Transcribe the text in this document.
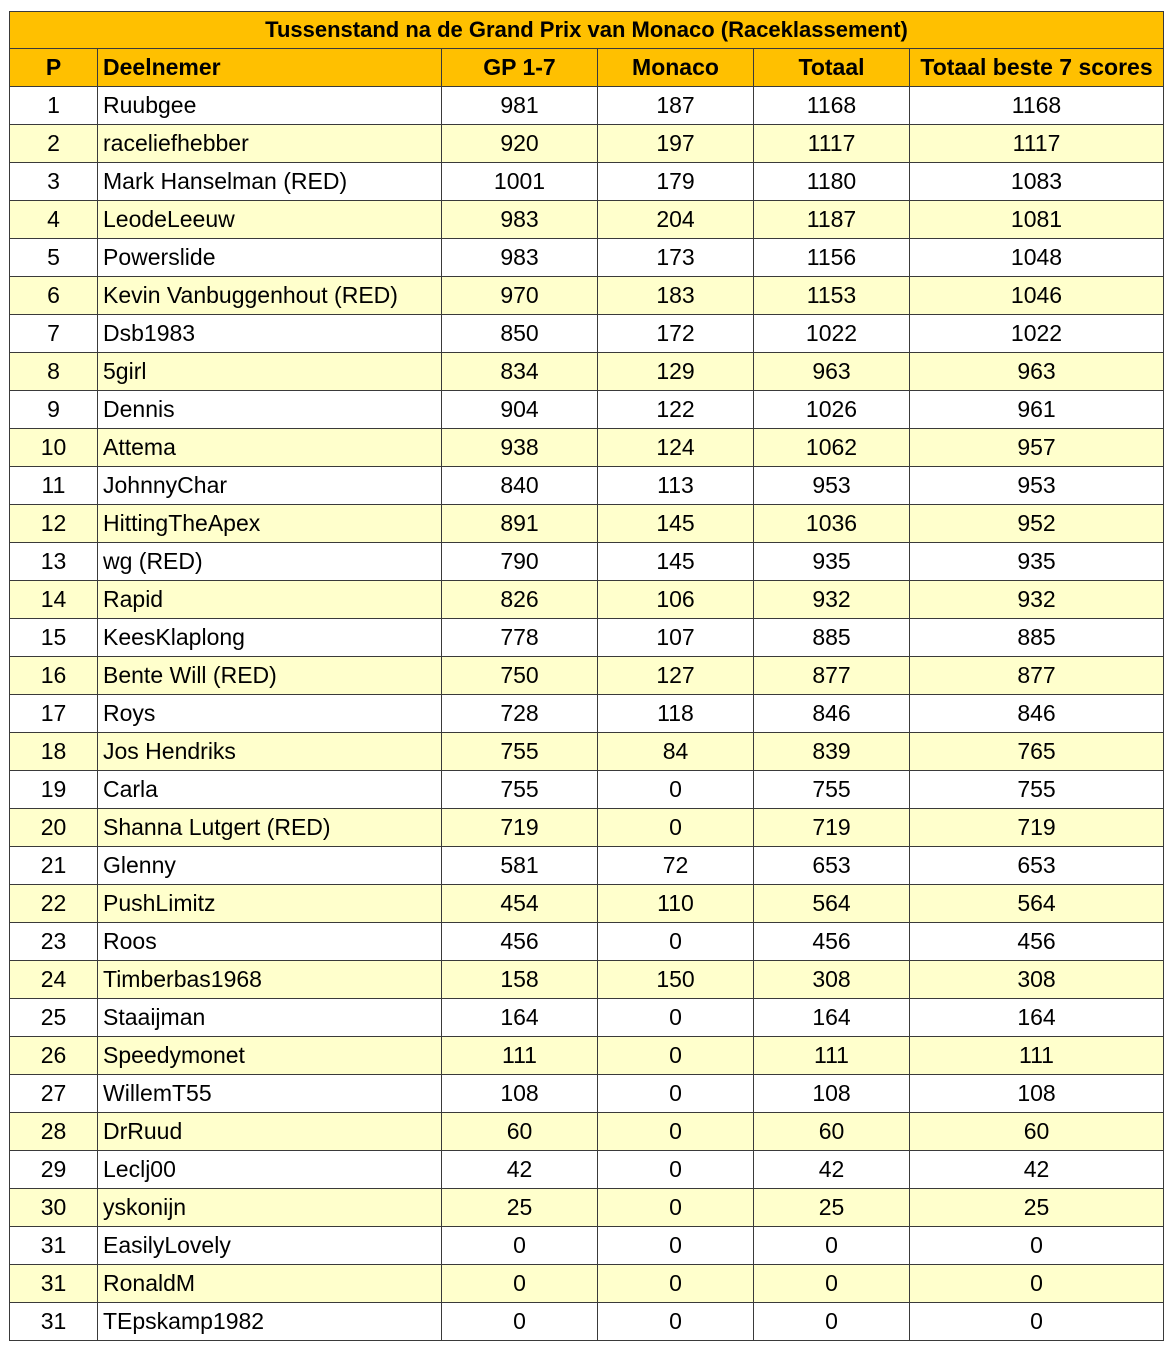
Tussenstand na de Grand Prix van Monaco (Raceklassement)					
P	Deelnemer	GP 1-7	Monaco	Totaal	Totaal beste 7 scores
1	Ruubgee	981	187	1168	1168
2	raceliefhebber	920	197	1117	1117
3	Mark Hanselman (RED)	1001	179	1180	1083
4	LeodeLeeuw	983	204	1187	1081
5	Powerslide	983	173	1156	1048
6	Kevin Vanbuggenhout (RED)	970	183	1153	1046
7	Dsb1983	850	172	1022	1022
8	5girl	834	129	963	963
9	Dennis	904	122	1026	961
10	Attema	938	124	1062	957
11	JohnnyChar	840	113	953	953
12	HittingTheApex	891	145	1036	952
13	wg (RED)	790	145	935	935
14	Rapid	826	106	932	932
15	KeesKlaplong	778	107	885	885
16	Bente Will (RED)	750	127	877	877
17	Roys	728	118	846	846
18	Jos Hendriks	755	84	839	765
19	Carla	755	0	755	755
20	Shanna Lutgert (RED)	719	0	719	719
21	Glenny	581	72	653	653
22	PushLimitz	454	110	564	564
23	Roos	456	0	456	456
24	Timberbas1968	158	150	308	308
25	Staaijman	164	0	164	164
26	Speedymonet	111	0	111	111
27	WillemT55	108	0	108	108
28	DrRuud	60	0	60	60
29	Leclj00	42	0	42	42
30	yskonijn	25	0	25	25
31	EasilyLovely	0	0	0	0
31	RonaldM	0	0	0	0
31	TEpskamp1982	0	0	0	0
